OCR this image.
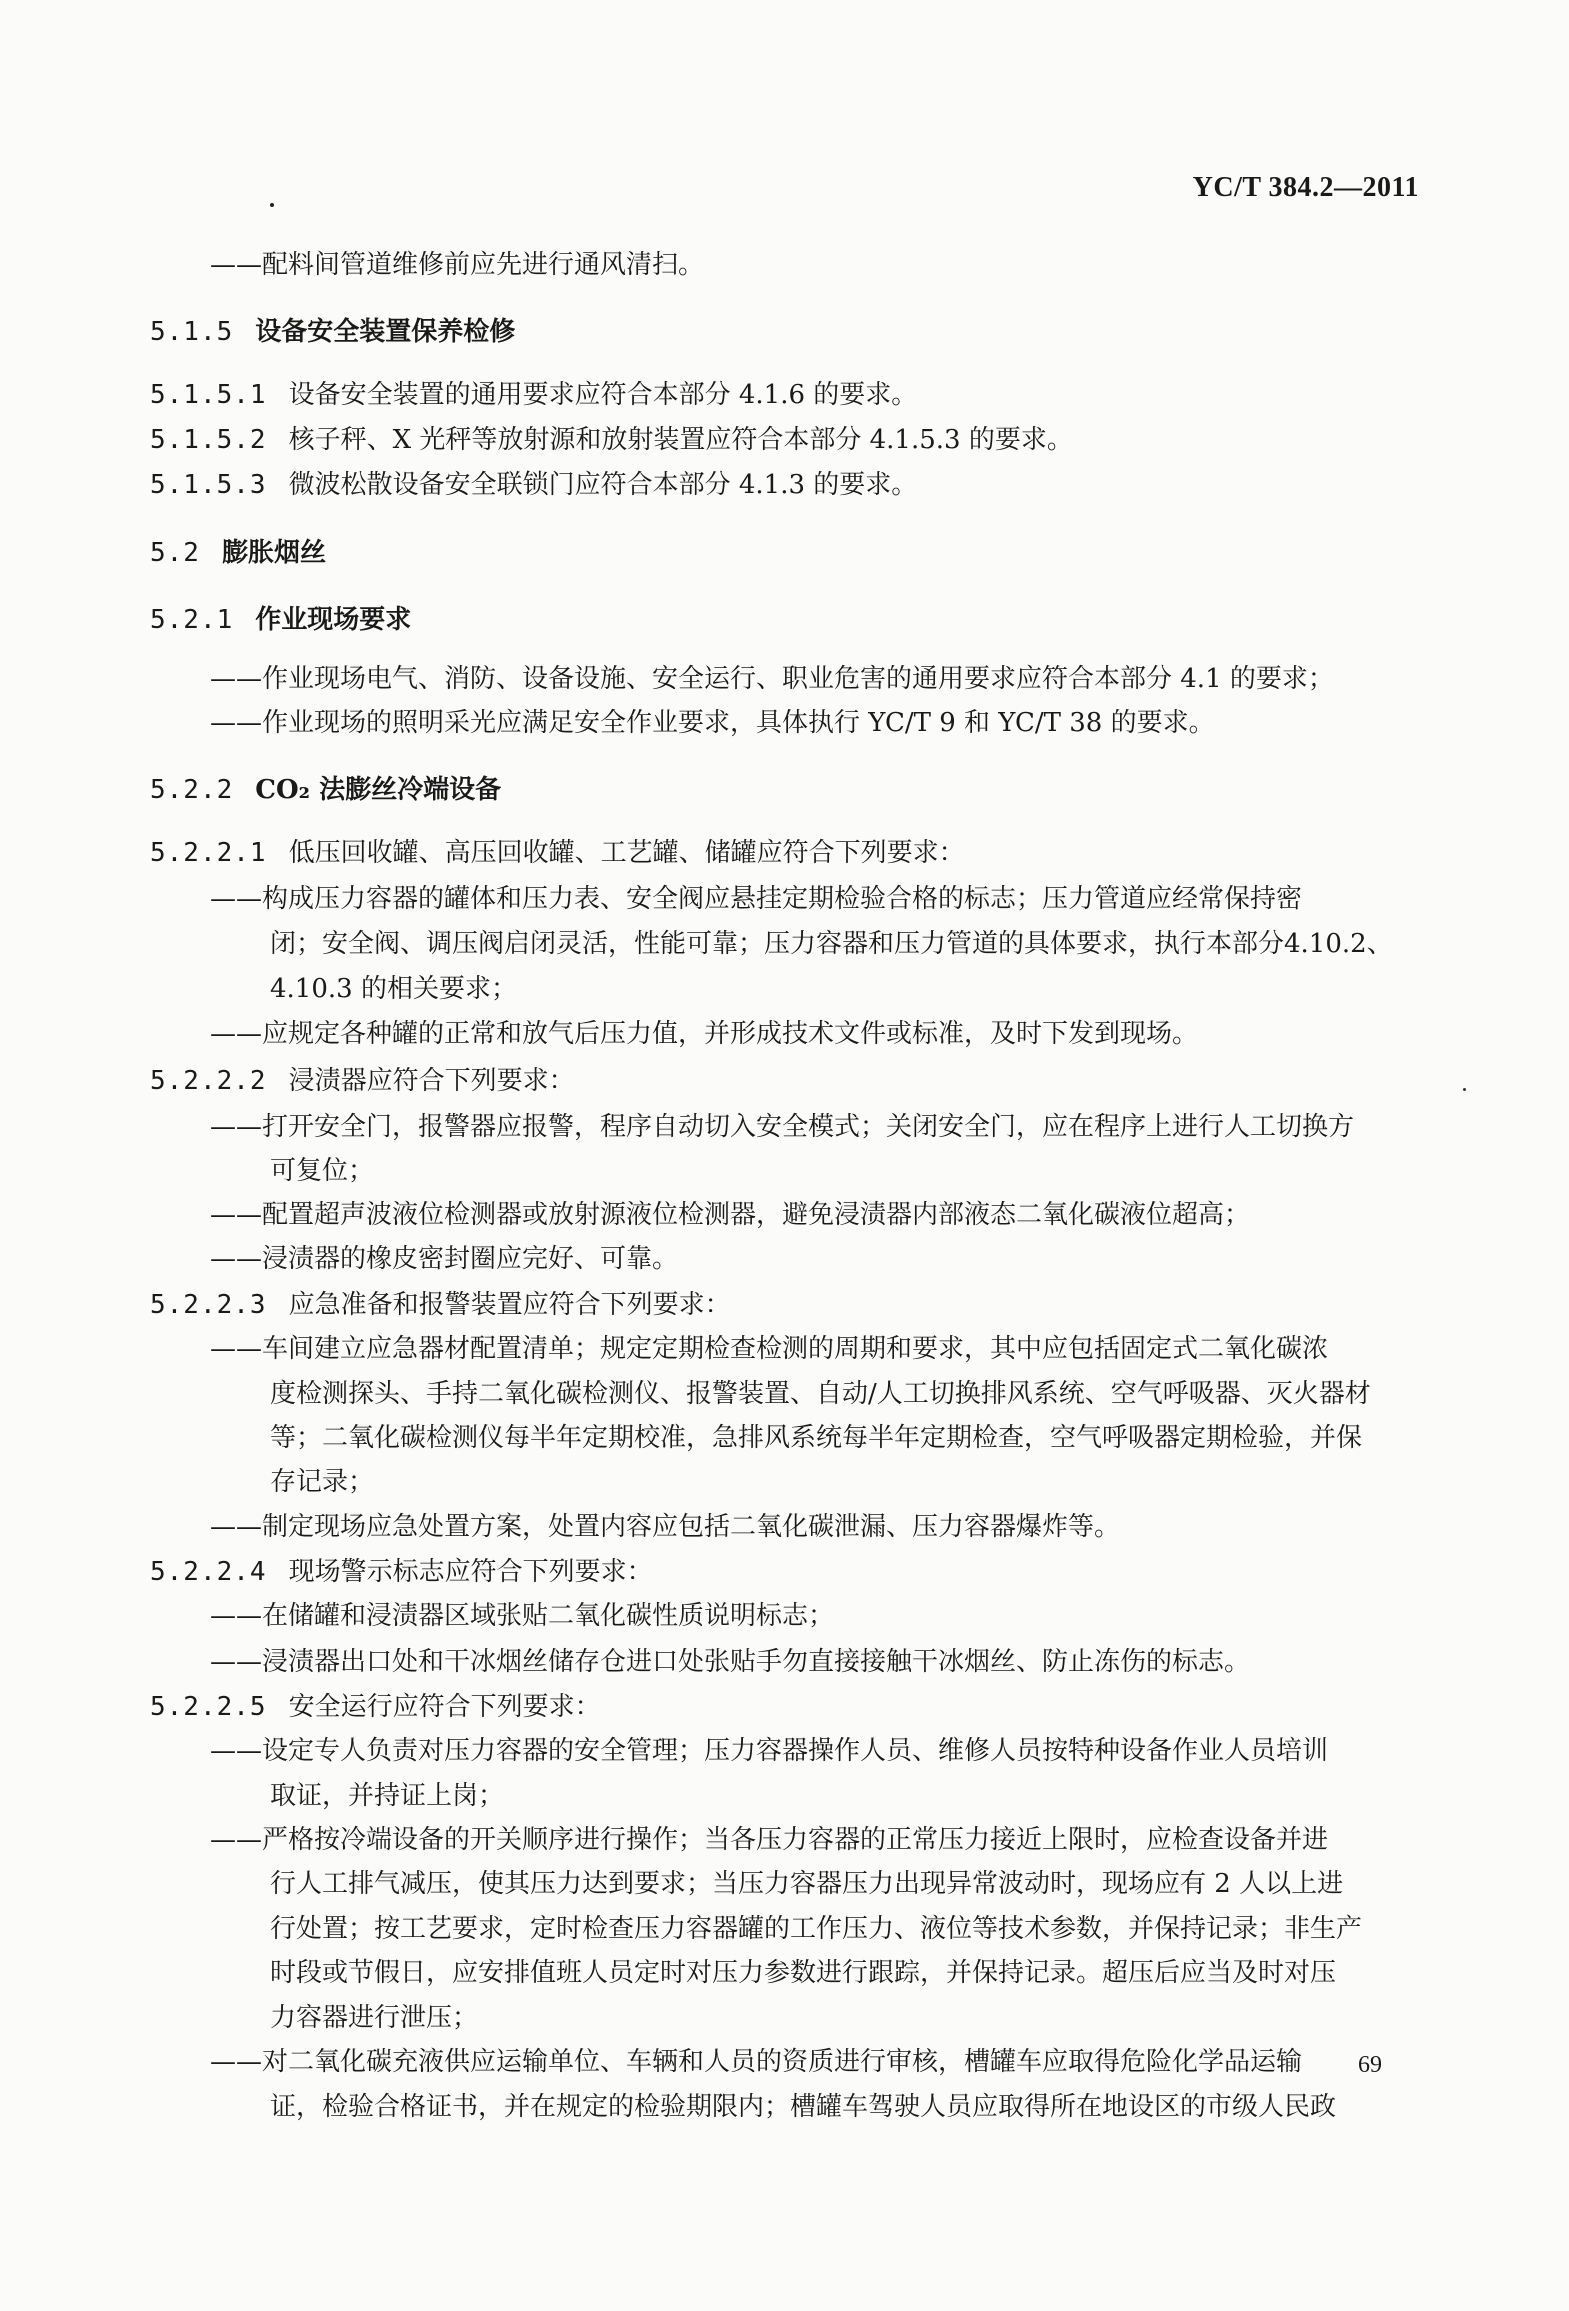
YC/T 384.2—2011
——配料间管道维修前应先进行通风清扫。
5.1.5 设备安全装置保养检修
5.1.5.1 设备安全装置的通用要求应符合本部分 4.1.6 的要求。
5.1.5.2 核子秤、X 光秤等放射源和放射装置应符合本部分 4.1.5.3 的要求。
5.1.5.3 微波松散设备安全联锁门应符合本部分 4.1.3 的要求。
5.2 膨胀烟丝
5.2.1 作业现场要求
——作业现场电气、消防、设备设施、安全运行、职业危害的通用要求应符合本部分 4.1 的要求；
——作业现场的照明采光应满足安全作业要求，具体执行 YC/T 9 和 YC/T 38 的要求。
5.2.2 CO₂ 法膨丝冷端设备
5.2.2.1 低压回收罐、高压回收罐、工艺罐、储罐应符合下列要求：
——构成压力容器的罐体和压力表、安全阀应悬挂定期检验合格的标志；压力管道应经常保持密
闭；安全阀、调压阀启闭灵活，性能可靠；压力容器和压力管道的具体要求，执行本部分4.10.2、
4.10.3 的相关要求；
——应规定各种罐的正常和放气后压力值，并形成技术文件或标准，及时下发到现场。
5.2.2.2 浸渍器应符合下列要求：
——打开安全门，报警器应报警，程序自动切入安全模式；关闭安全门，应在程序上进行人工切换方
可复位；
——配置超声波液位检测器或放射源液位检测器，避免浸渍器内部液态二氧化碳液位超高；
——浸渍器的橡皮密封圈应完好、可靠。
5.2.2.3 应急准备和报警装置应符合下列要求：
——车间建立应急器材配置清单；规定定期检查检测的周期和要求，其中应包括固定式二氧化碳浓
度检测探头、手持二氧化碳检测仪、报警装置、自动/人工切换排风系统、空气呼吸器、灭火器材
等；二氧化碳检测仪每半年定期校准，急排风系统每半年定期检查，空气呼吸器定期检验，并保
存记录；
——制定现场应急处置方案，处置内容应包括二氧化碳泄漏、压力容器爆炸等。
5.2.2.4 现场警示标志应符合下列要求：
——在储罐和浸渍器区域张贴二氧化碳性质说明标志；
——浸渍器出口处和干冰烟丝储存仓进口处张贴手勿直接接触干冰烟丝、防止冻伤的标志。
5.2.2.5 安全运行应符合下列要求：
——设定专人负责对压力容器的安全管理；压力容器操作人员、维修人员按特种设备作业人员培训
取证，并持证上岗；
——严格按冷端设备的开关顺序进行操作；当各压力容器的正常压力接近上限时，应检查设备并进
行人工排气减压，使其压力达到要求；当压力容器压力出现异常波动时，现场应有 2 人以上进
行处置；按工艺要求，定时检查压力容器罐的工作压力、液位等技术参数，并保持记录；非生产
时段或节假日，应安排值班人员定时对压力参数进行跟踪，并保持记录。超压后应当及时对压
力容器进行泄压；
——对二氧化碳充液供应运输单位、车辆和人员的资质进行审核，槽罐车应取得危险化学品运输
证，检验合格证书，并在规定的检验期限内；槽罐车驾驶人员应取得所在地设区的市级人民政
69
